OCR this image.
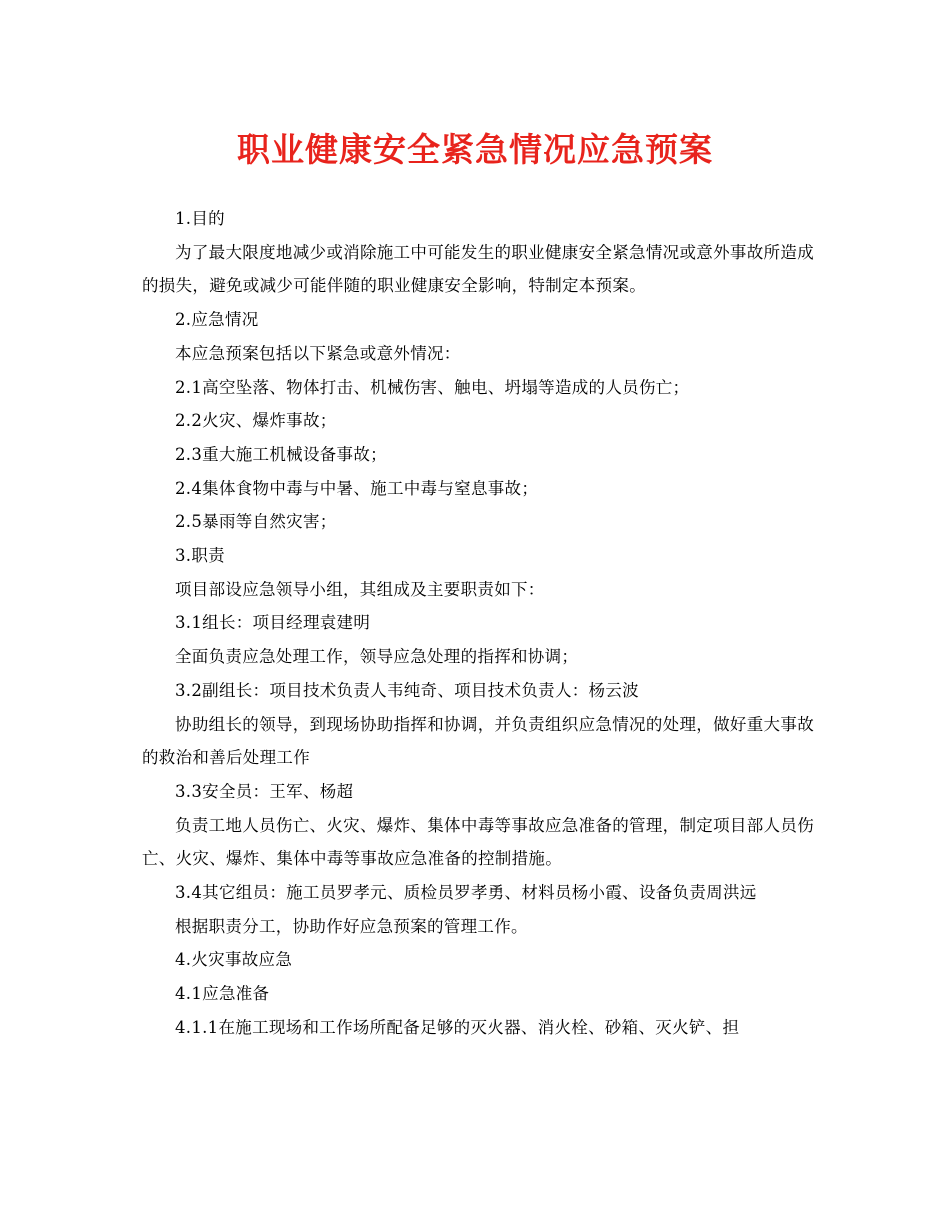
职业健康安全紧急情况应急预案

1.目的

为了最大限度地减少或消除施工中可能发生的职业健康安全紧急情况或意外事故所造成的损失，避免或减少可能伴随的职业健康安全影响，特制定本预案。

2.应急情况

本应急预案包括以下紧急或意外情况：

2.1高空坠落、物体打击、机械伤害、触电、坍塌等造成的人员伤亡；

2.2火灾、爆炸事故；

2.3重大施工机械设备事故；

2.4集体食物中毒与中暑、施工中毒与窒息事故；

2.5暴雨等自然灾害；

3.职责

项目部设应急领导小组，其组成及主要职责如下：

3.1组长：项目经理袁建明

全面负责应急处理工作，领导应急处理的指挥和协调；

3.2副组长：项目技术负责人韦纯奇、项目技术负责人：杨云波

协助组长的领导，到现场协助指挥和协调，并负责组织应急情况的处理，做好重大事故的救治和善后处理工作

3.3安全员：王军、杨超

负责工地人员伤亡、火灾、爆炸、集体中毒等事故应急准备的管理，制定项目部人员伤亡、火灾、爆炸、集体中毒等事故应急准备的控制措施。

3.4其它组员：施工员罗孝元、质检员罗孝勇、材料员杨小霞、设备负责周洪远

根据职责分工，协助作好应急预案的管理工作。

4.火灾事故应急

4.1应急准备

4.1.1在施工现场和工作场所配备足够的灭火器、消火栓、砂箱、灭火铲、担
